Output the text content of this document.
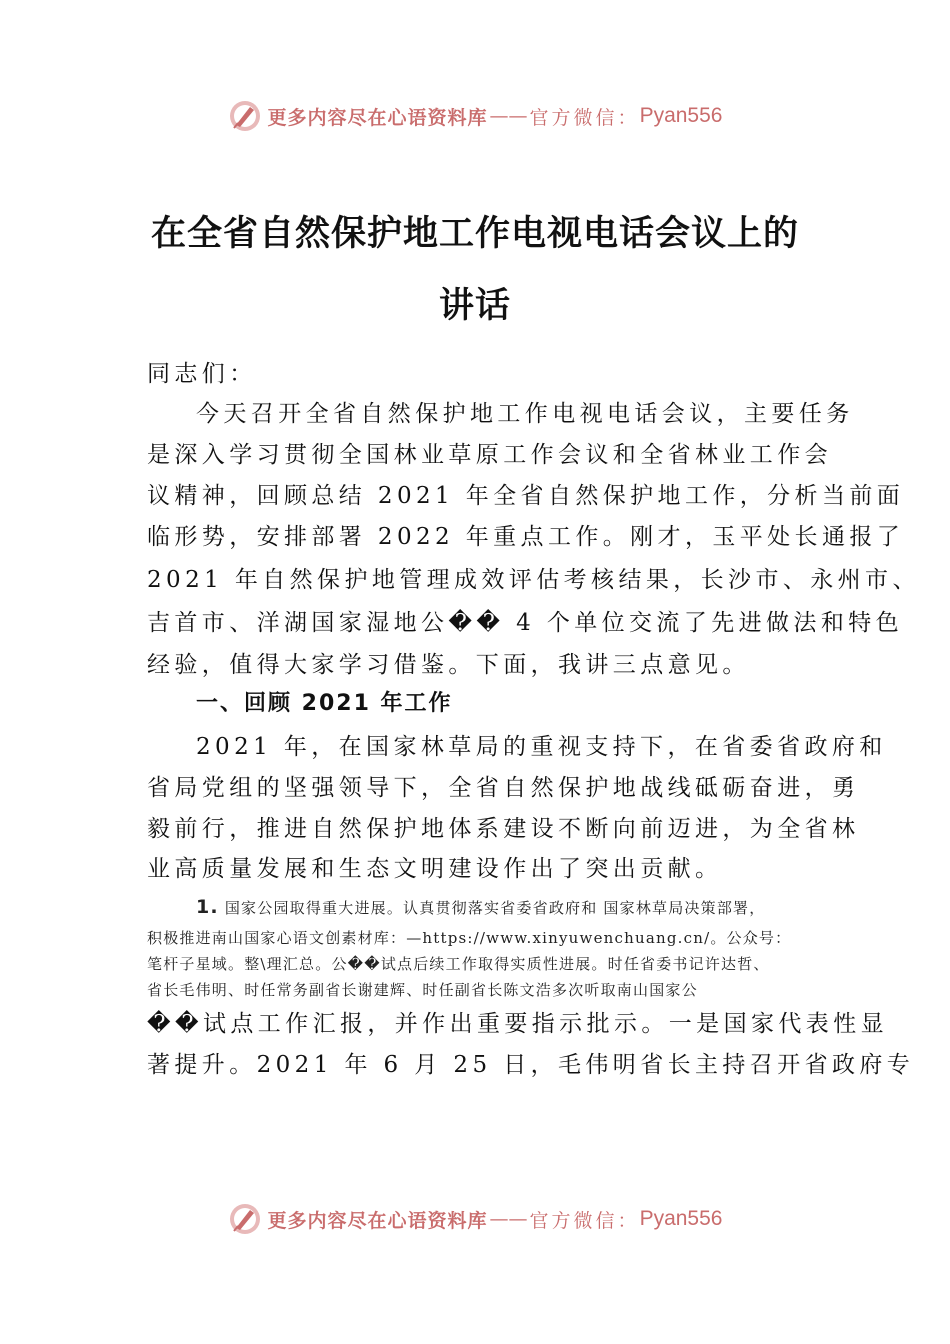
更多内容尽在心语资料库 —— 官方微信： Pyan556
在全省自然保护地工作电视电话会议上的
讲话
同志们：
今天召开全省自然保护地工作电视电话会议，主要任务
是深入学习贯彻全国林业草原工作会议和全省林业工作会
议精神，回顾总结 2021 年全省自然保护地工作，分析当前面
临形势，安排部署 2022 年重点工作。刚才，玉平处长通报了
2021 年自然保护地管理成效评估考核结果，长沙市、永州市、
吉首市、洋湖国家湿地公�� 4 个单位交流了先进做法和特色
经验，值得大家学习借鉴。下面，我讲三点意见。
一、回顾 2021 年工作
2021 年，在国家林草局的重视支持下，在省委省政府和
省局党组的坚强领导下，全省自然保护地战线砥砺奋进，勇
毅前行，推进自然保护地体系建设不断向前迈进，为全省林
业高质量发展和生态文明建设作出了突出贡献。
1. 国家公园取得重大进展。认真贯彻落实省委省政府和 国家林草局决策部署，
积极推进南山国家心语文创素材库：—https://www.xinyuwenchuang.cn/。公众号：
笔杆子星域。整\理汇总。公��试点后续工作取得实质性进展。时任省委书记许达哲、
省长毛伟明、时任常务副省长谢建辉、时任副省长陈文浩多次听取南山国家公
��试点工作汇报，并作出重要指示批示。一是国家代表性显
著提升。2021 年 6 月 25 日，毛伟明省长主持召开省政府专
更多内容尽在心语资料库 —— 官方微信： Pyan556
